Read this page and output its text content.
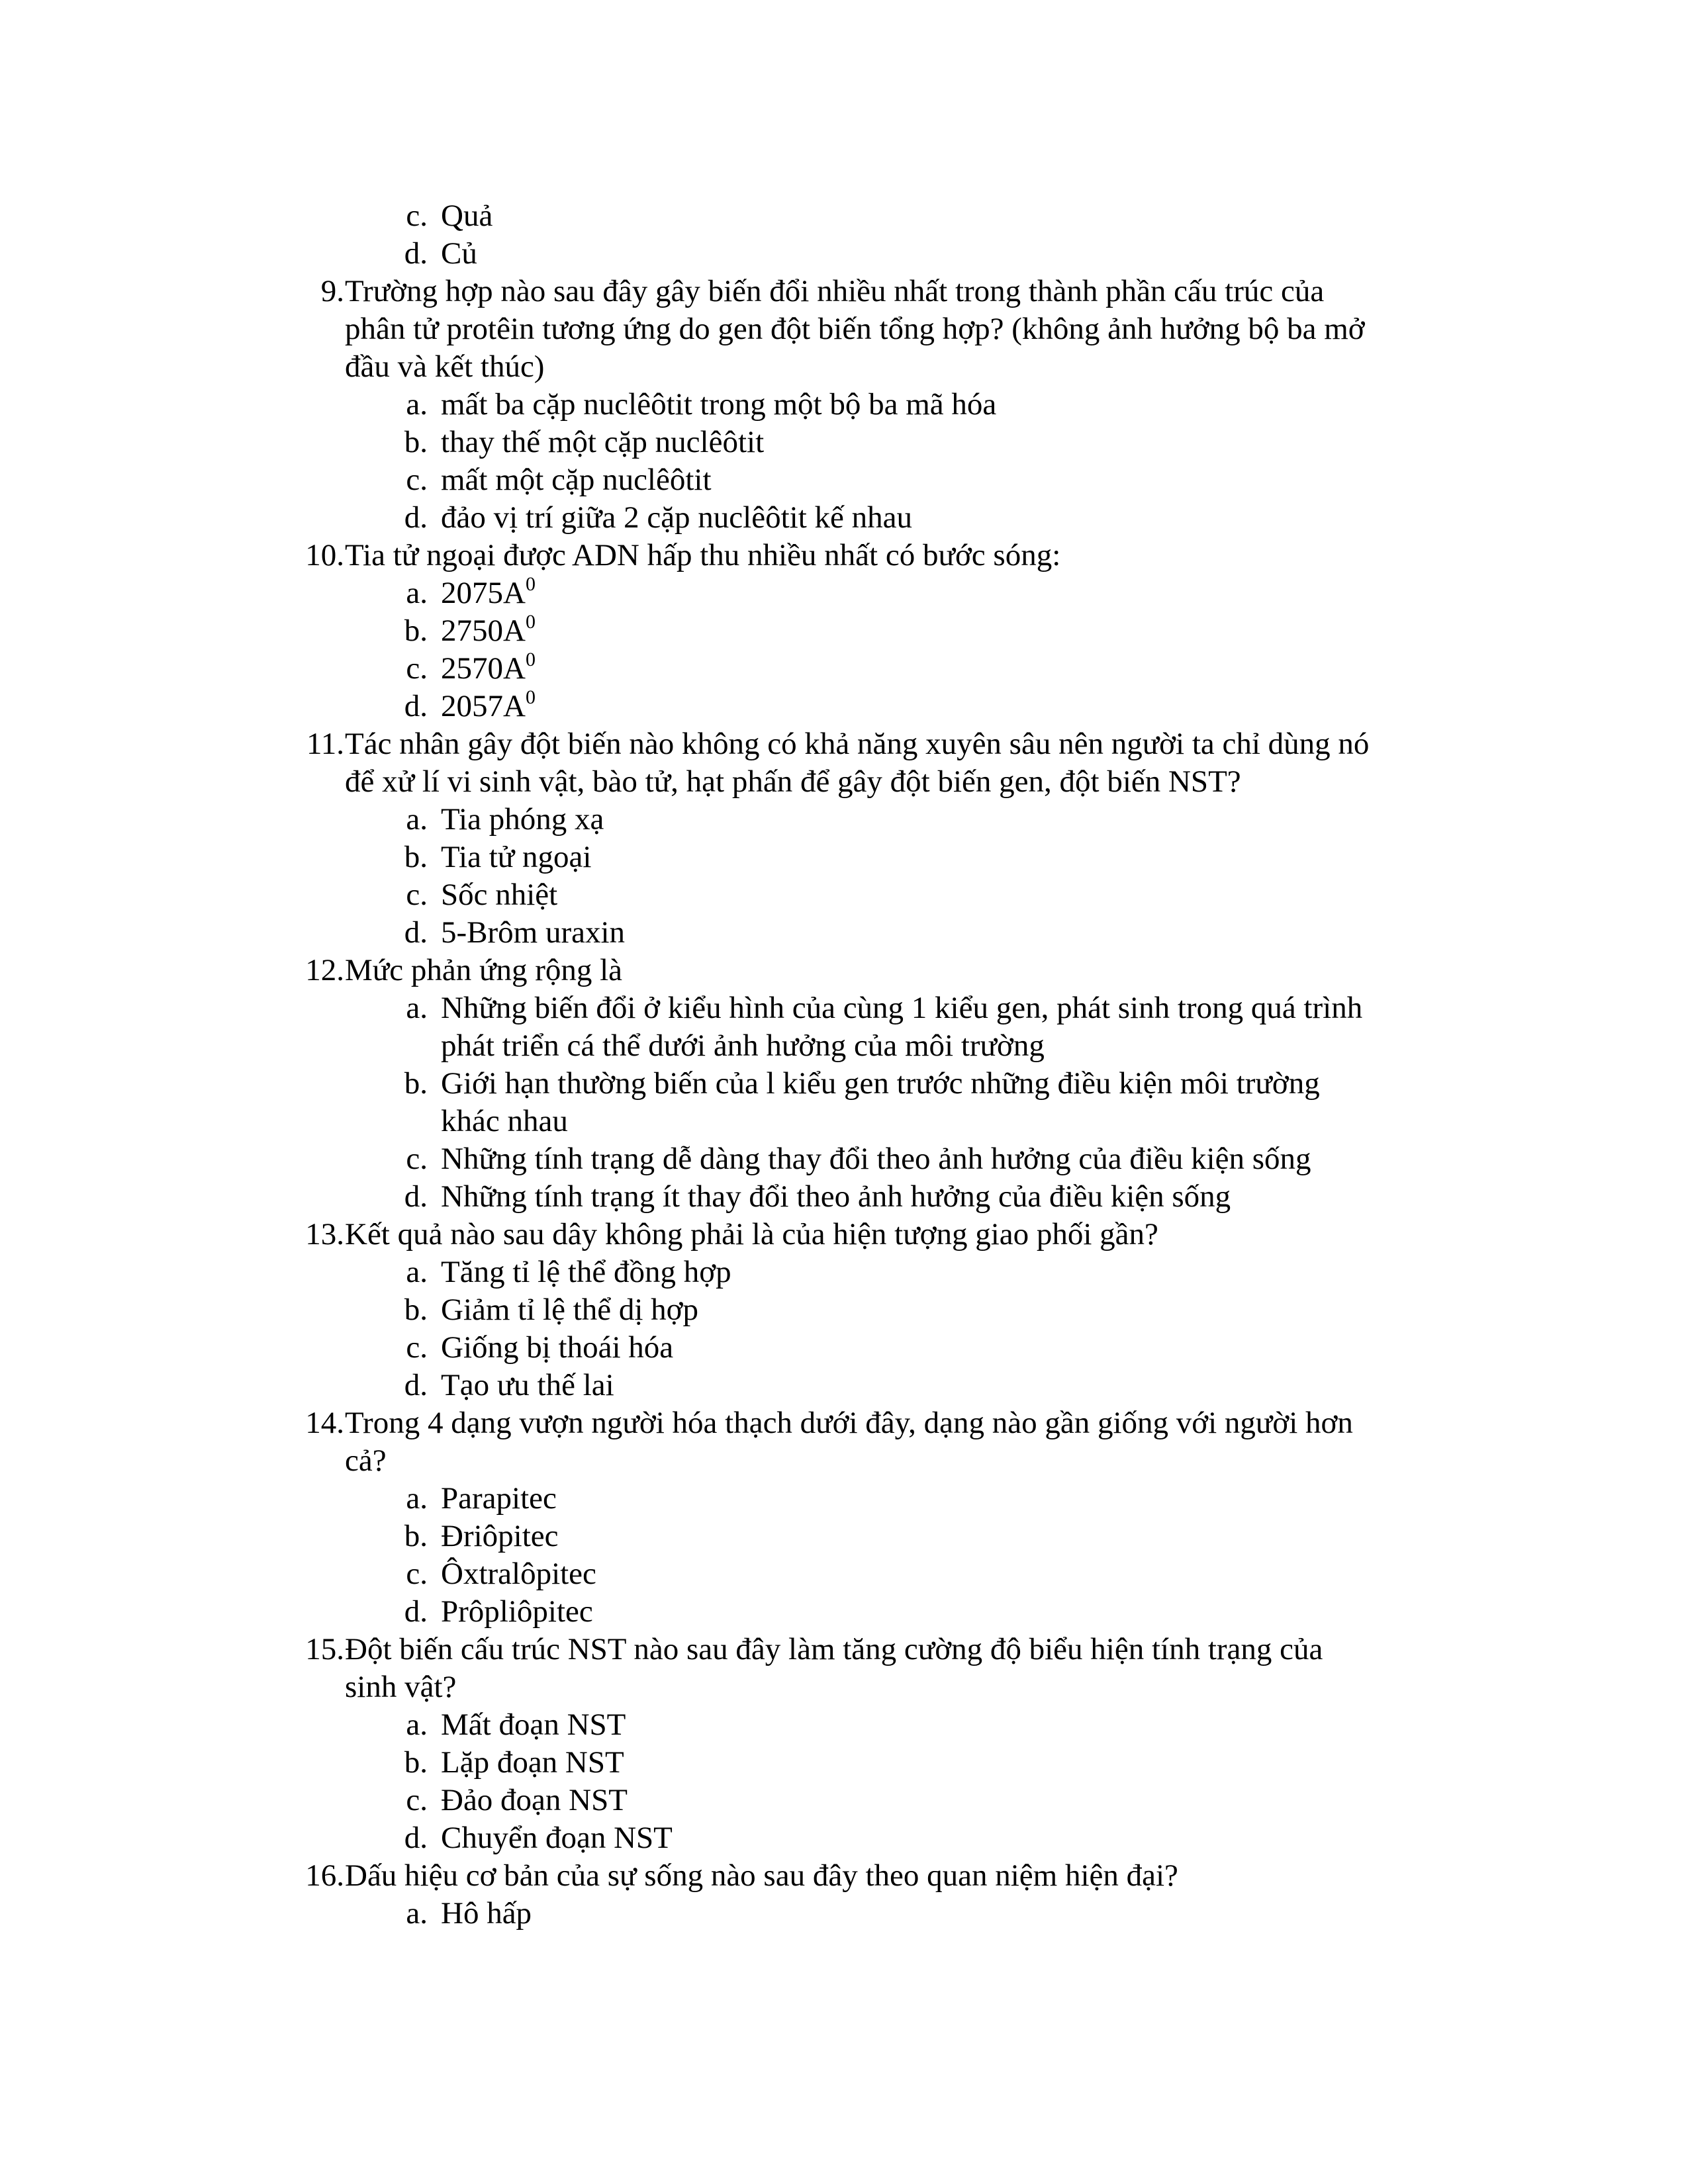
c. Quả
d. Củ
9. Trường hợp nào sau đây gây biến đổi nhiều nhất trong thành phần cấu trúc của
phân tử protêin tương ứng do gen đột biến tổng hợp? (không ảnh hưởng bộ ba mở
đầu và kết thúc)
a. mất ba cặp nuclêôtit trong một bộ ba mã hóa
b. thay thế một cặp nuclêôtit
c. mất một cặp nuclêôtit
d. đảo vị trí giữa 2 cặp nuclêôtit kế nhau
10. Tia tử ngoại được ADN hấp thu nhiều nhất có bước sóng:
a. $2075A^0$
b. $2750A^0$
c. $2570A^0$
d. $2057A^0$
11. Tác nhân gây đột biến nào không có khả năng xuyên sâu nên người ta chỉ dùng nó
để xử lí vi sinh vật, bào tử, hạt phấn để gây đột biến gen, đột biến NST?
a. Tia phóng xạ
b. Tia tử ngoại
c. Sốc nhiệt
d. 5-Brôm uraxin
12. Mức phản ứng rộng là
a. Những biến đổi ở kiểu hình của cùng 1 kiểu gen, phát sinh trong quá trình
phát triển cá thể dưới ảnh hưởng của môi trường
b. Giới hạn thường biến của l kiểu gen trước những điều kiện môi trường
khác nhau
c. Những tính trạng dễ dàng thay đổi theo ảnh hưởng của điều kiện sống
d. Những tính trạng ít thay đổi theo ảnh hưởng của điều kiện sống
13. Kết quả nào sau dây không phải là của hiện tượng giao phối gần?
a. Tăng tỉ lệ thể đồng hợp
b. Giảm tỉ lệ thể dị hợp
c. Giống bị thoái hóa
d. Tạo ưu thế lai
14. Trong 4 dạng vượn người hóa thạch dưới đây, dạng nào gần giống với người hơn
cả?
a. Parapitec
b. Đriôpitec
c. Ôxtralôpitec
d. Prôpliôpitec
15. Đột biến cấu trúc NST nào sau đây làm tăng cường độ biểu hiện tính trạng của
sinh vật?
a. Mất đoạn NST
b. Lặp đoạn NST
c. Đảo đoạn NST
d. Chuyển đoạn NST
16. Dấu hiệu cơ bản của sự sống nào sau đây theo quan niệm hiện đại?
a. Hô hấp
